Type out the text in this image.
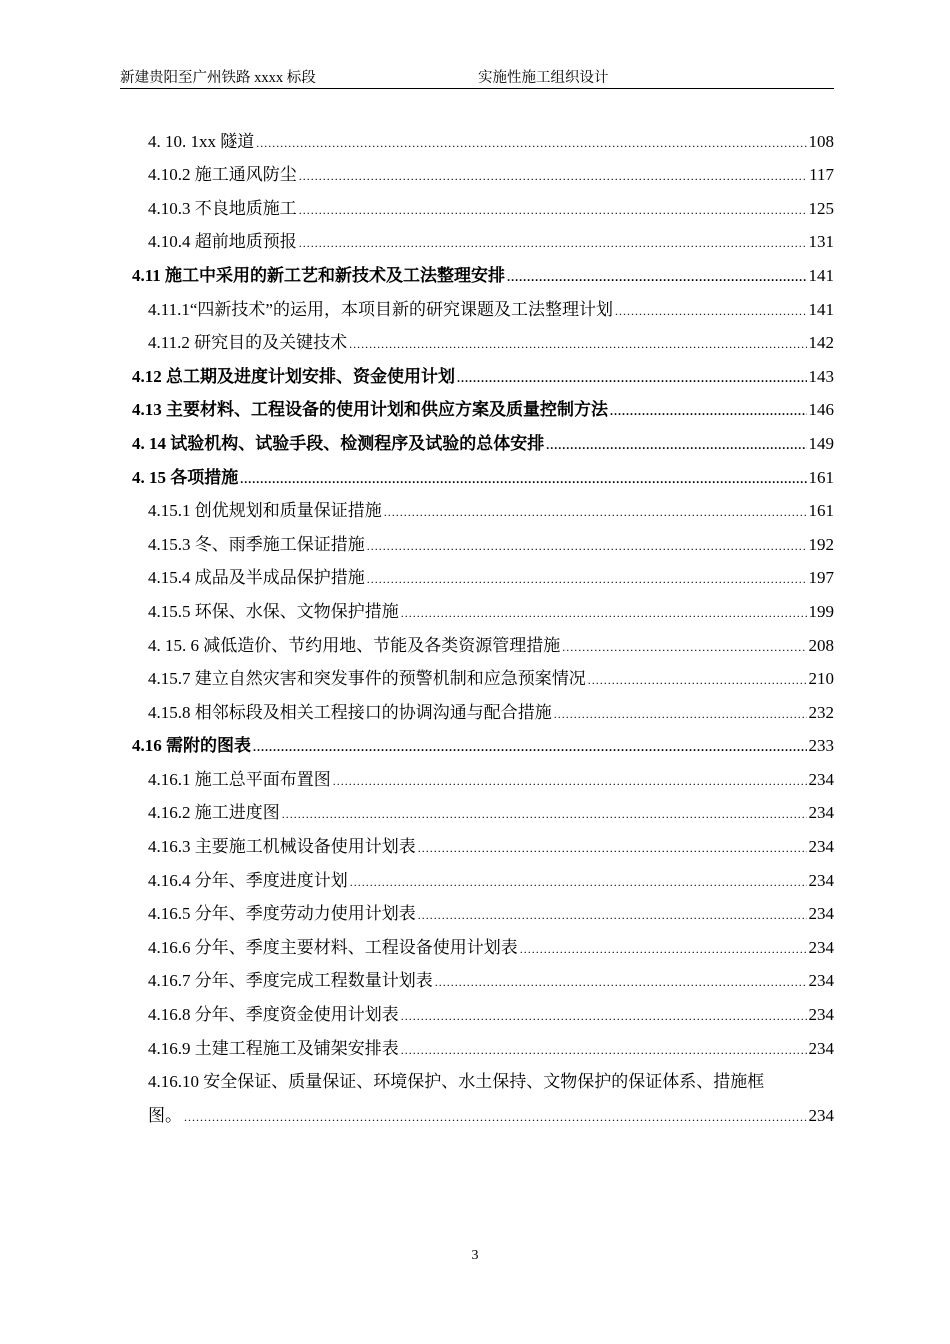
新建贵阳至广州铁路 xxxx 标段	实施性施工组织设计
4. 10. 1xx 隧道 .....	108
4.10.2 施工通风防尘 .....	117
4.10.3 不良地质施工 .....	125
4.10.4 超前地质预报 .....	131
4.11 施工中采用的新工艺和新技术及工法整理安排 .....	141
4.11.1“四新技术”的运用，本项目新的研究课题及工法整理计划 .....	141
4.11.2 研究目的及关键技术 .....	142
4.12 总工期及进度计划安排、资金使用计划 .....	143
4.13 主要材料、工程设备的使用计划和供应方案及质量控制方法 .....	146
4. 14 试验机构、试验手段、检测程序及试验的总体安排 .....	149
4. 15 各项措施 .....	161
4.15.1 创优规划和质量保证措施 .....	161
4.15.3 冬、雨季施工保证措施 .....	192
4.15.4 成品及半成品保护措施 .....	197
4.15.5 环保、水保、文物保护措施 .....	199
4. 15. 6 减低造价、节约用地、节能及各类资源管理措施 .....	208
4.15.7 建立自然灾害和突发事件的预警机制和应急预案情况 .....	210
4.15.8 相邻标段及相关工程接口的协调沟通与配合措施 .....	232
4.16 需附的图表 .....	233
4.16.1 施工总平面布置图 .....	234
4.16.2 施工进度图 .....	234
4.16.3 主要施工机械设备使用计划表 .....	234
4.16.4 分年、季度进度计划 .....	234
4.16.5 分年、季度劳动力使用计划表 .....	234
4.16.6 分年、季度主要材料、工程设备使用计划表 .....	234
4.16.7 分年、季度完成工程数量计划表 .....	234
4.16.8 分年、季度资金使用计划表 .....	234
4.16.9 土建工程施工及铺架安排表 .....	234
4.16.10 安全保证、质量保证、环境保护、水土保持、文物保护的保证体系、措施框
图。 .....	234
3
